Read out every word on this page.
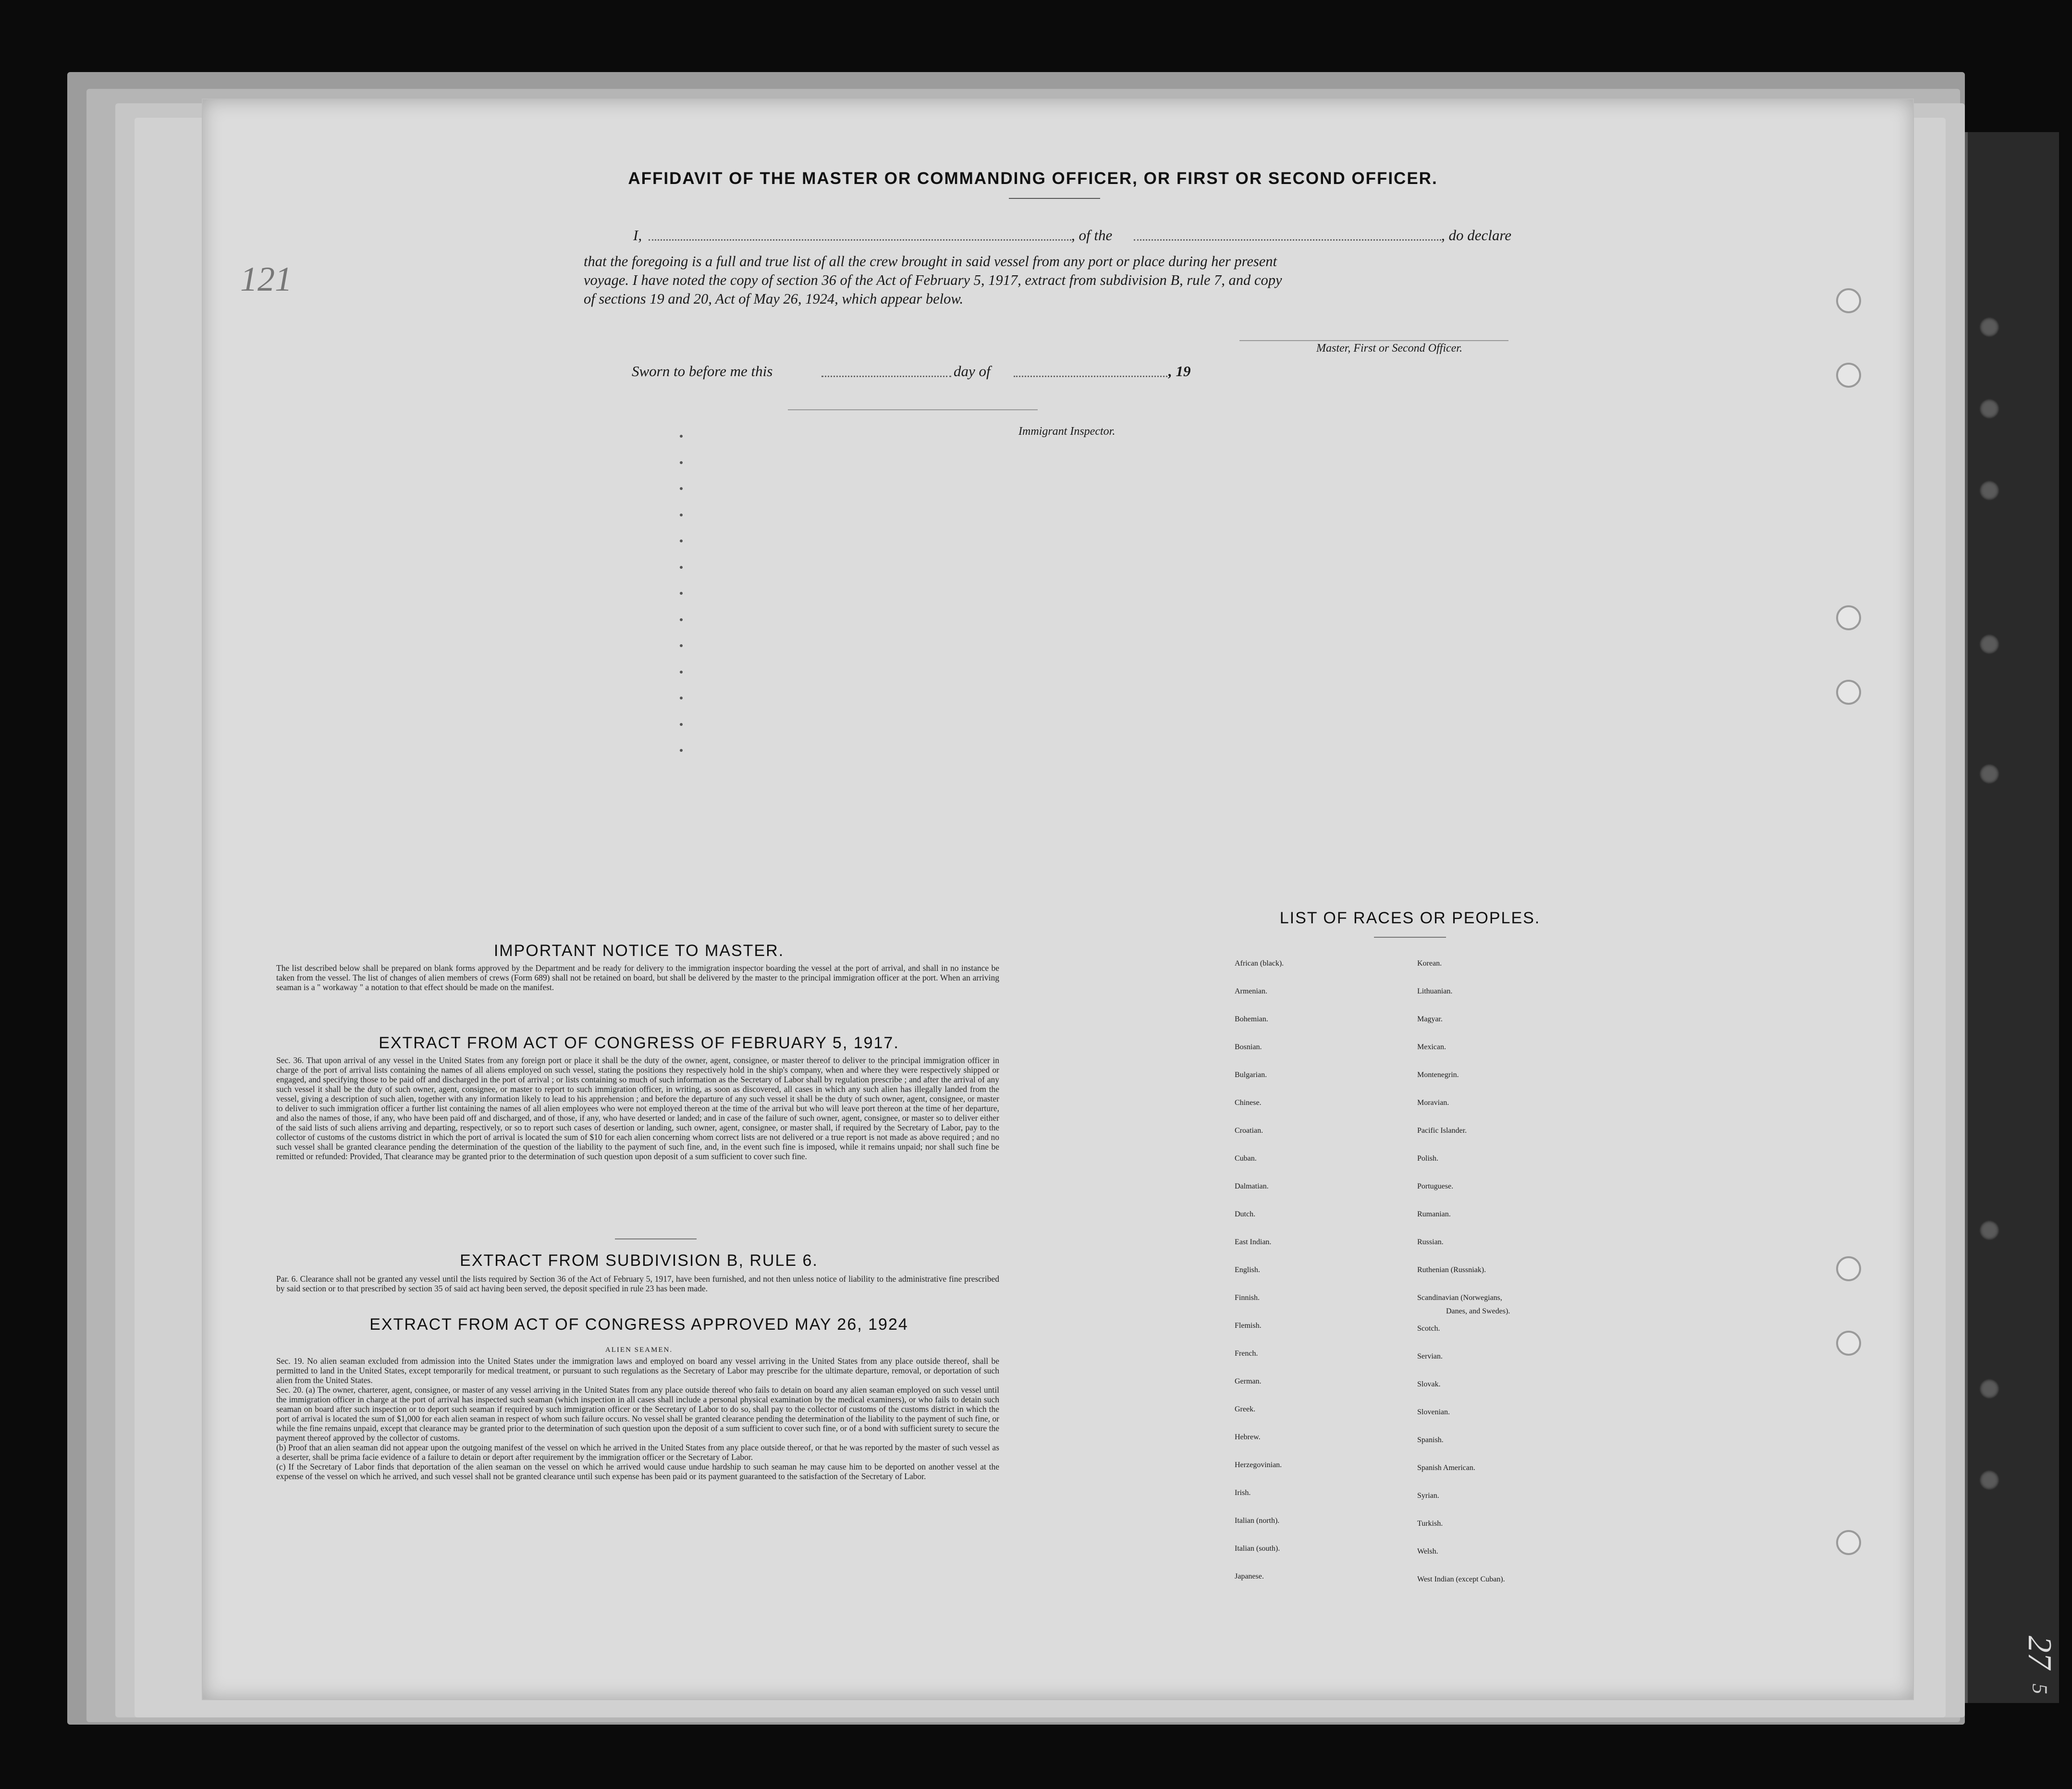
121
27
5
AFFIDAVIT OF THE MASTER OR COMMANDING OFFICER, OR FIRST OR SECOND OFFICER.
I,	, of the	, do declare
that the foregoing is a full and true list of all the crew brought in said vessel from any port or place during her present
voyage. I have noted the copy of section 36 of the Act of February 5, 1917, extract from subdivision B, rule 7, and copy
of sections 19 and 20, Act of May 26, 1924, which appear below.
Master, First or Second Officer.
Sworn to before me this	day of	, 19
Immigrant Inspector.
IMPORTANT NOTICE TO MASTER.

The list described below shall be prepared on blank forms approved by the Department and be ready for delivery to the immigration inspector boarding the vessel at the port of arrival, and shall in no instance be taken from the vessel. The list of changes of alien members of crews (Form 689) shall not be retained on board, but shall be delivered by the master to the principal immigration officer at the port. When an arriving seaman is a " workaway " a notation to that effect should be made on the manifest.

EXTRACT FROM ACT OF CONGRESS OF FEBRUARY 5, 1917.

Sec. 36. That upon arrival of any vessel in the United States from any foreign port or place it shall be the duty of the owner, agent, consignee, or master thereof to deliver to the principal immigration officer in charge of the port of arrival lists containing the names of all aliens employed on such vessel, stating the positions they respectively hold in the ship's company, when and where they were respectively shipped or engaged, and specifying those to be paid off and discharged in the port of arrival ; or lists containing so much of such information as the Secretary of Labor shall by regulation prescribe ; and after the arrival of any such vessel it shall be the duty of such owner, agent, consignee, or master to report to such immigration officer, in writing, as soon as discovered, all cases in which any such alien has illegally landed from the vessel, giving a description of such alien, together with any information likely to lead to his apprehension ; and before the departure of any such vessel it shall be the duty of such owner, agent, consignee, or master to deliver to such immigration officer a further list containing the names of all alien employees who were not employed thereon at the time of the arrival but who will leave port thereon at the time of her departure, and also the names of those, if any, who have been paid off and discharged, and of those, if any, who have deserted or landed; and in case of the failure of such owner, agent, consignee, or master so to deliver either of the said lists of such aliens arriving and departing, respectively, or so to report such cases of desertion or landing, such owner, agent, consignee, or master shall, if required by the Secretary of Labor, pay to the collector of customs of the customs district in which the port of arrival is located the sum of $10 for each alien concerning whom correct lists are not delivered or a true report is not made as above required ; and no such vessel shall be granted clearance pending the determination of the question of the liability to the payment of such fine, and, in the event such fine is imposed, while it remains unpaid; nor shall such fine be remitted or refunded: Provided, That clearance may be granted prior to the determination of such question upon deposit of a sum sufficient to cover such fine.

EXTRACT FROM SUBDIVISION B, RULE 6.

Par. 6. Clearance shall not be granted any vessel until the lists required by Section 36 of the Act of February 5, 1917, have been furnished, and not then unless notice of liability to the administrative fine prescribed by said section or to that prescribed by section 35 of said act having been served, the deposit specified in rule 23 has been made.

EXTRACT FROM ACT OF CONGRESS APPROVED MAY 26, 1924
ALIEN SEAMEN.

Sec. 19. No alien seaman excluded from admission into the United States under the immigration laws and employed on board any vessel arriving in the United States from any place outside thereof, shall be permitted to land in the United States, except temporarily for medical treatment, or pursuant to such regulations as the Secretary of Labor may prescribe for the ultimate departure, removal, or deportation of such alien from the United States.

Sec. 20. (a) The owner, charterer, agent, consignee, or master of any vessel arriving in the United States from any place outside thereof who fails to detain on board any alien seaman employed on such vessel until the immigration officer in charge at the port of arrival has inspected such seaman (which inspection in all cases shall include a personal physical examination by the medical examiners), or who fails to detain such seaman on board after such inspection or to deport such seaman if required by such immigration officer or the Secretary of Labor to do so, shall pay to the collector of customs of the customs district in which the port of arrival is located the sum of $1,000 for each alien seaman in respect of whom such failure occurs. No vessel shall be granted clearance pending the determination of the liability to the payment of such fine, or while the fine remains unpaid, except that clearance may be granted prior to the determination of such question upon the deposit of a sum sufficient to cover such fine, or of a bond with sufficient surety to secure the payment thereof approved by the collector of customs.

(b) Proof that an alien seaman did not appear upon the outgoing manifest of the vessel on which he arrived in the United States from any place outside thereof, or that he was reported by the master of such vessel as a deserter, shall be prima facie evidence of a failure to detain or deport after requirement by the immigration officer or the Secretary of Labor.

(c) If the Secretary of Labor finds that deportation of the alien seaman on the vessel on which he arrived would cause undue hardship to such seaman he may cause him to be deported on another vessel at the expense of the vessel on which he arrived, and such vessel shall not be granted clearance until such expense has been paid or its payment guaranteed to the satisfaction of the Secretary of Labor.

LIST OF RACES OR PEOPLES.
African (black).
Armenian.
Bohemian.
Bosnian.
Bulgarian.
Chinese.
Croatian.
Cuban.
Dalmatian.
Dutch.
East Indian.
English.
Finnish.
Flemish.
French.
German.
Greek.
Hebrew.
Herzegovinian.
Irish.
Italian (north).
Italian (south).
Japanese.
Korean.
Lithuanian.
Magyar.
Mexican.
Montenegrin.
Moravian.
Pacific Islander.
Polish.
Portuguese.
Rumanian.
Russian.
Ruthenian (Russniak).
Scandinavian (Norwegians,
Danes, and Swedes).
Scotch.
Servian.
Slovak.
Slovenian.
Spanish.
Spanish American.
Syrian.
Turkish.
Welsh.
West Indian (except Cuban).
